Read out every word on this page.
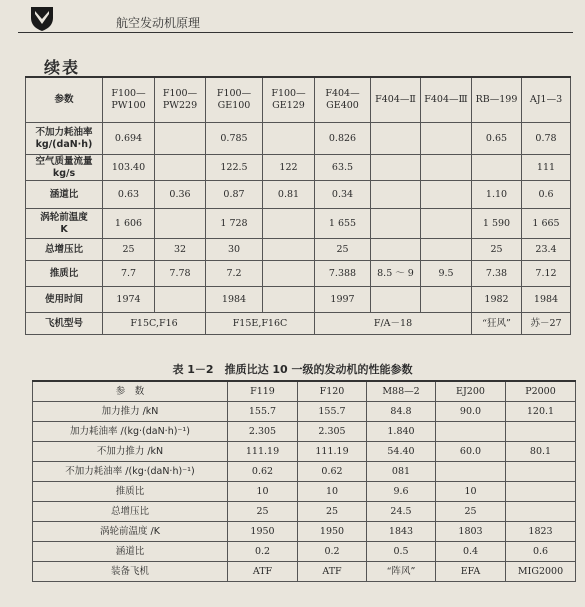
航空发动机原理
续表
参数	F100—PW100	F100—PW229	F100—GE100	F100—GE129	F404—GE400	F404—Ⅱ	F404—Ⅲ	RB—199	AJ1—3
不加力耗油率
kg/(daN·h)	0.694		0.785		0.826			0.65	0.78
空气质量流量
kg/s	103.40		122.5	122	63.5				111
涵道比	0.63	0.36	0.87	0.81	0.34			1.10	0.6
涡轮前温度
K	1 606		1 728		1 655			1 590	1 665
总增压比	25	32	30		25			25	23.4
推质比	7.7	7.78	7.2		7.388	8.5 ～ 9	9.5	7.38	7.12
使用时间	1974		1984		1997			1982	1984
飞机型号	F15C,F16		F15E,F16C		F/A－18			“狂风”	苏－27
表 1－2　推质比达 10 一级的发动机的性能参数
参　数	F119	F120	M88—2	EJ200	P2000
加力推力 /kN	155.7	155.7	84.8	90.0	120.1
加力耗油率 /(kg·(daN·h)⁻¹)	2.305	2.305	1.840		
不加力推力 /kN	111.19	111.19	54.40	60.0	80.1
不加力耗油率 /(kg·(daN·h)⁻¹)	0.62	0.62	081		
推质比	10	10	9.6	10	
总增压比	25	25	24.5	25	
涡轮前温度 /K	1950	1950	1843	1803	1823
涵道比	0.2	0.2	0.5	0.4	0.6
装备飞机	ATF	ATF	“阵风”	EFA	MIG2000
